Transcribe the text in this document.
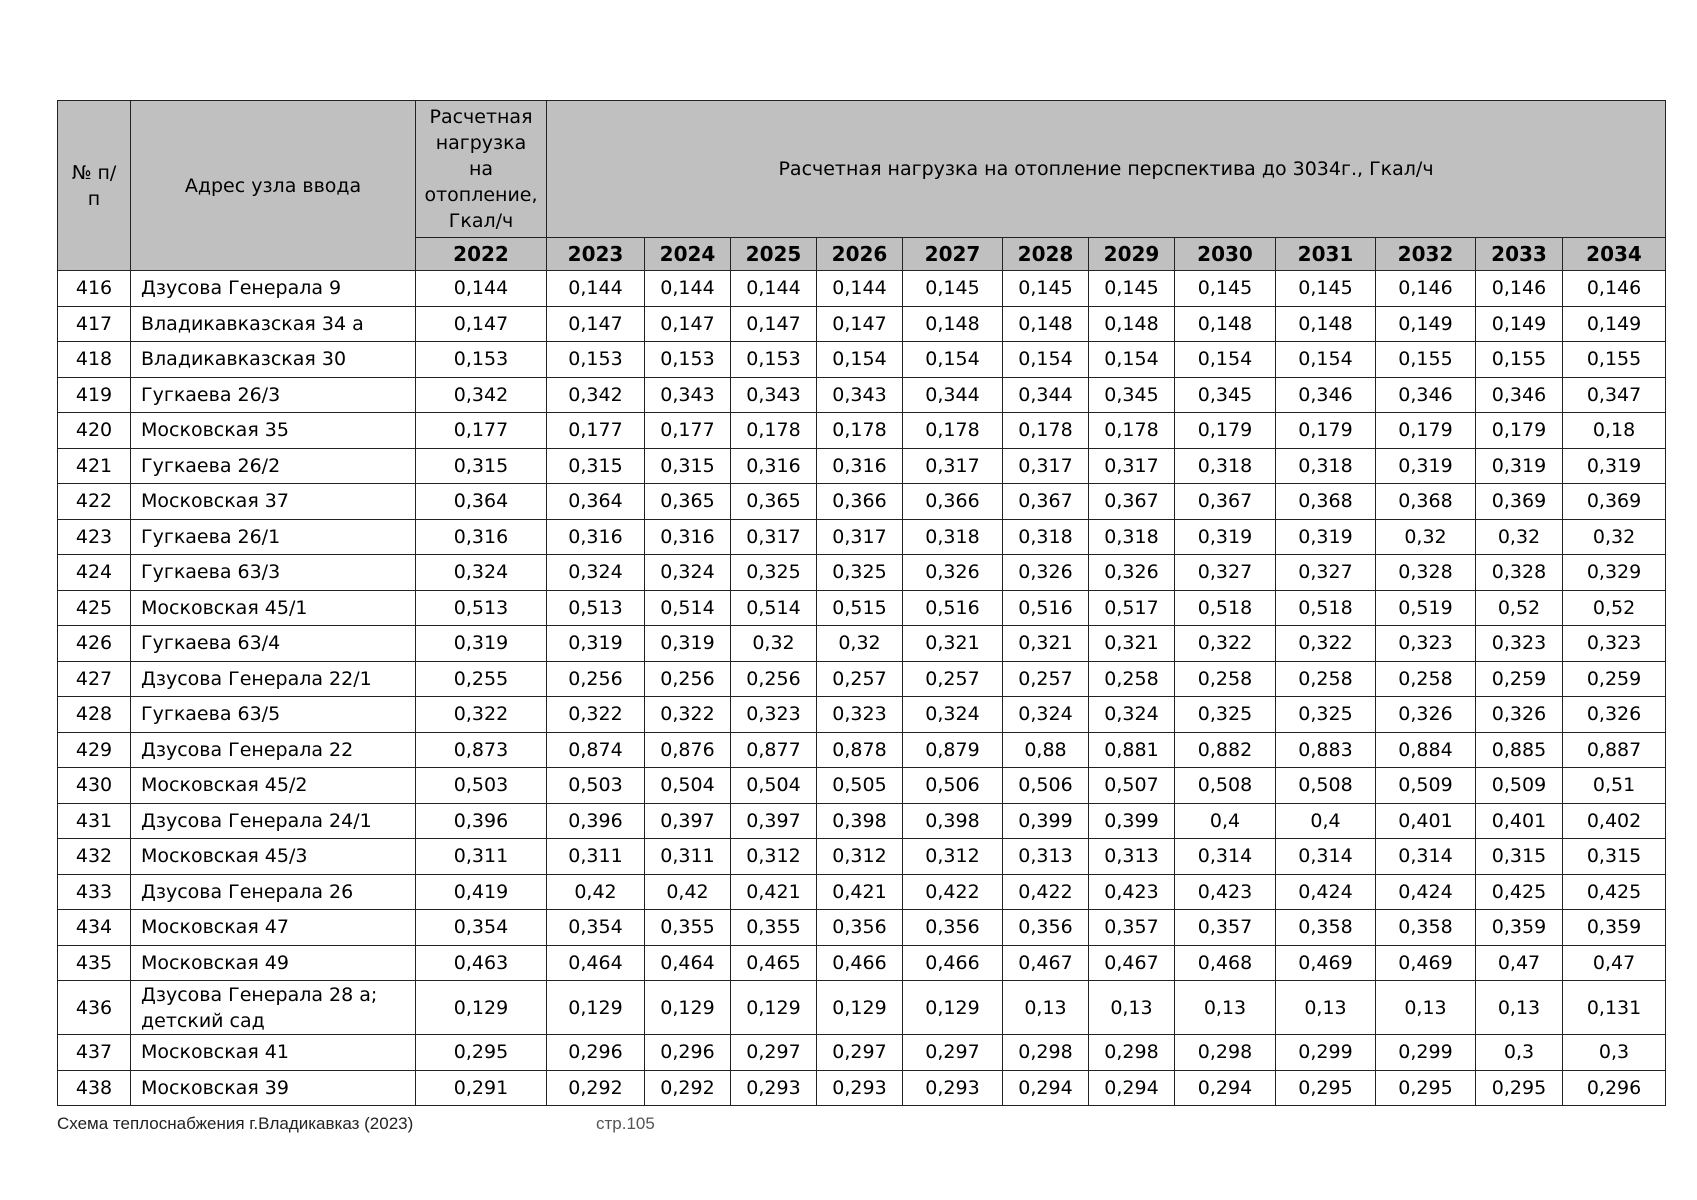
№ п/п	Адрес узла ввода	Расчетная нагрузка на отопление, Гкал/ч	Расчетная нагрузка на отопление перспектива до 3034г., Гкал/ч											
		2022	2023	2024	2025	2026	2027	2028	2029	2030	2031	2032	2033	2034
416	Дзусова Генерала 9	0,144	0,144	0,144	0,144	0,144	0,145	0,145	0,145	0,145	0,145	0,146	0,146	0,146
417	Владикавказская 34 а	0,147	0,147	0,147	0,147	0,147	0,148	0,148	0,148	0,148	0,148	0,149	0,149	0,149
418	Владикавказская 30	0,153	0,153	0,153	0,153	0,154	0,154	0,154	0,154	0,154	0,154	0,155	0,155	0,155
419	Гугкаева 26/3	0,342	0,342	0,343	0,343	0,343	0,344	0,344	0,345	0,345	0,346	0,346	0,346	0,347
420	Московская 35	0,177	0,177	0,177	0,178	0,178	0,178	0,178	0,178	0,179	0,179	0,179	0,179	0,18
421	Гугкаева 26/2	0,315	0,315	0,315	0,316	0,316	0,317	0,317	0,317	0,318	0,318	0,319	0,319	0,319
422	Московская 37	0,364	0,364	0,365	0,365	0,366	0,366	0,367	0,367	0,367	0,368	0,368	0,369	0,369
423	Гугкаева 26/1	0,316	0,316	0,316	0,317	0,317	0,318	0,318	0,318	0,319	0,319	0,32	0,32	0,32
424	Гугкаева 63/3	0,324	0,324	0,324	0,325	0,325	0,326	0,326	0,326	0,327	0,327	0,328	0,328	0,329
425	Московская 45/1	0,513	0,513	0,514	0,514	0,515	0,516	0,516	0,517	0,518	0,518	0,519	0,52	0,52
426	Гугкаева 63/4	0,319	0,319	0,319	0,32	0,32	0,321	0,321	0,321	0,322	0,322	0,323	0,323	0,323
427	Дзусова Генерала 22/1	0,255	0,256	0,256	0,256	0,257	0,257	0,257	0,258	0,258	0,258	0,258	0,259	0,259
428	Гугкаева 63/5	0,322	0,322	0,322	0,323	0,323	0,324	0,324	0,324	0,325	0,325	0,326	0,326	0,326
429	Дзусова Генерала 22	0,873	0,874	0,876	0,877	0,878	0,879	0,88	0,881	0,882	0,883	0,884	0,885	0,887
430	Московская 45/2	0,503	0,503	0,504	0,504	0,505	0,506	0,506	0,507	0,508	0,508	0,509	0,509	0,51
431	Дзусова Генерала 24/1	0,396	0,396	0,397	0,397	0,398	0,398	0,399	0,399	0,4	0,4	0,401	0,401	0,402
432	Московская 45/3	0,311	0,311	0,311	0,312	0,312	0,312	0,313	0,313	0,314	0,314	0,314	0,315	0,315
433	Дзусова Генерала 26	0,419	0,42	0,42	0,421	0,421	0,422	0,422	0,423	0,423	0,424	0,424	0,425	0,425
434	Московская 47	0,354	0,354	0,355	0,355	0,356	0,356	0,356	0,357	0,357	0,358	0,358	0,359	0,359
435	Московская 49	0,463	0,464	0,464	0,465	0,466	0,466	0,467	0,467	0,468	0,469	0,469	0,47	0,47
436	Дзусова Генерала 28 а; детский сад	0,129	0,129	0,129	0,129	0,129	0,129	0,13	0,13	0,13	0,13	0,13	0,13	0,131
437	Московская 41	0,295	0,296	0,296	0,297	0,297	0,297	0,298	0,298	0,298	0,299	0,299	0,3	0,3
438	Московская 39	0,291	0,292	0,292	0,293	0,293	0,293	0,294	0,294	0,294	0,295	0,295	0,295	0,296
Схема теплоснабжения г.Владикавказ (2023)	стр.105
